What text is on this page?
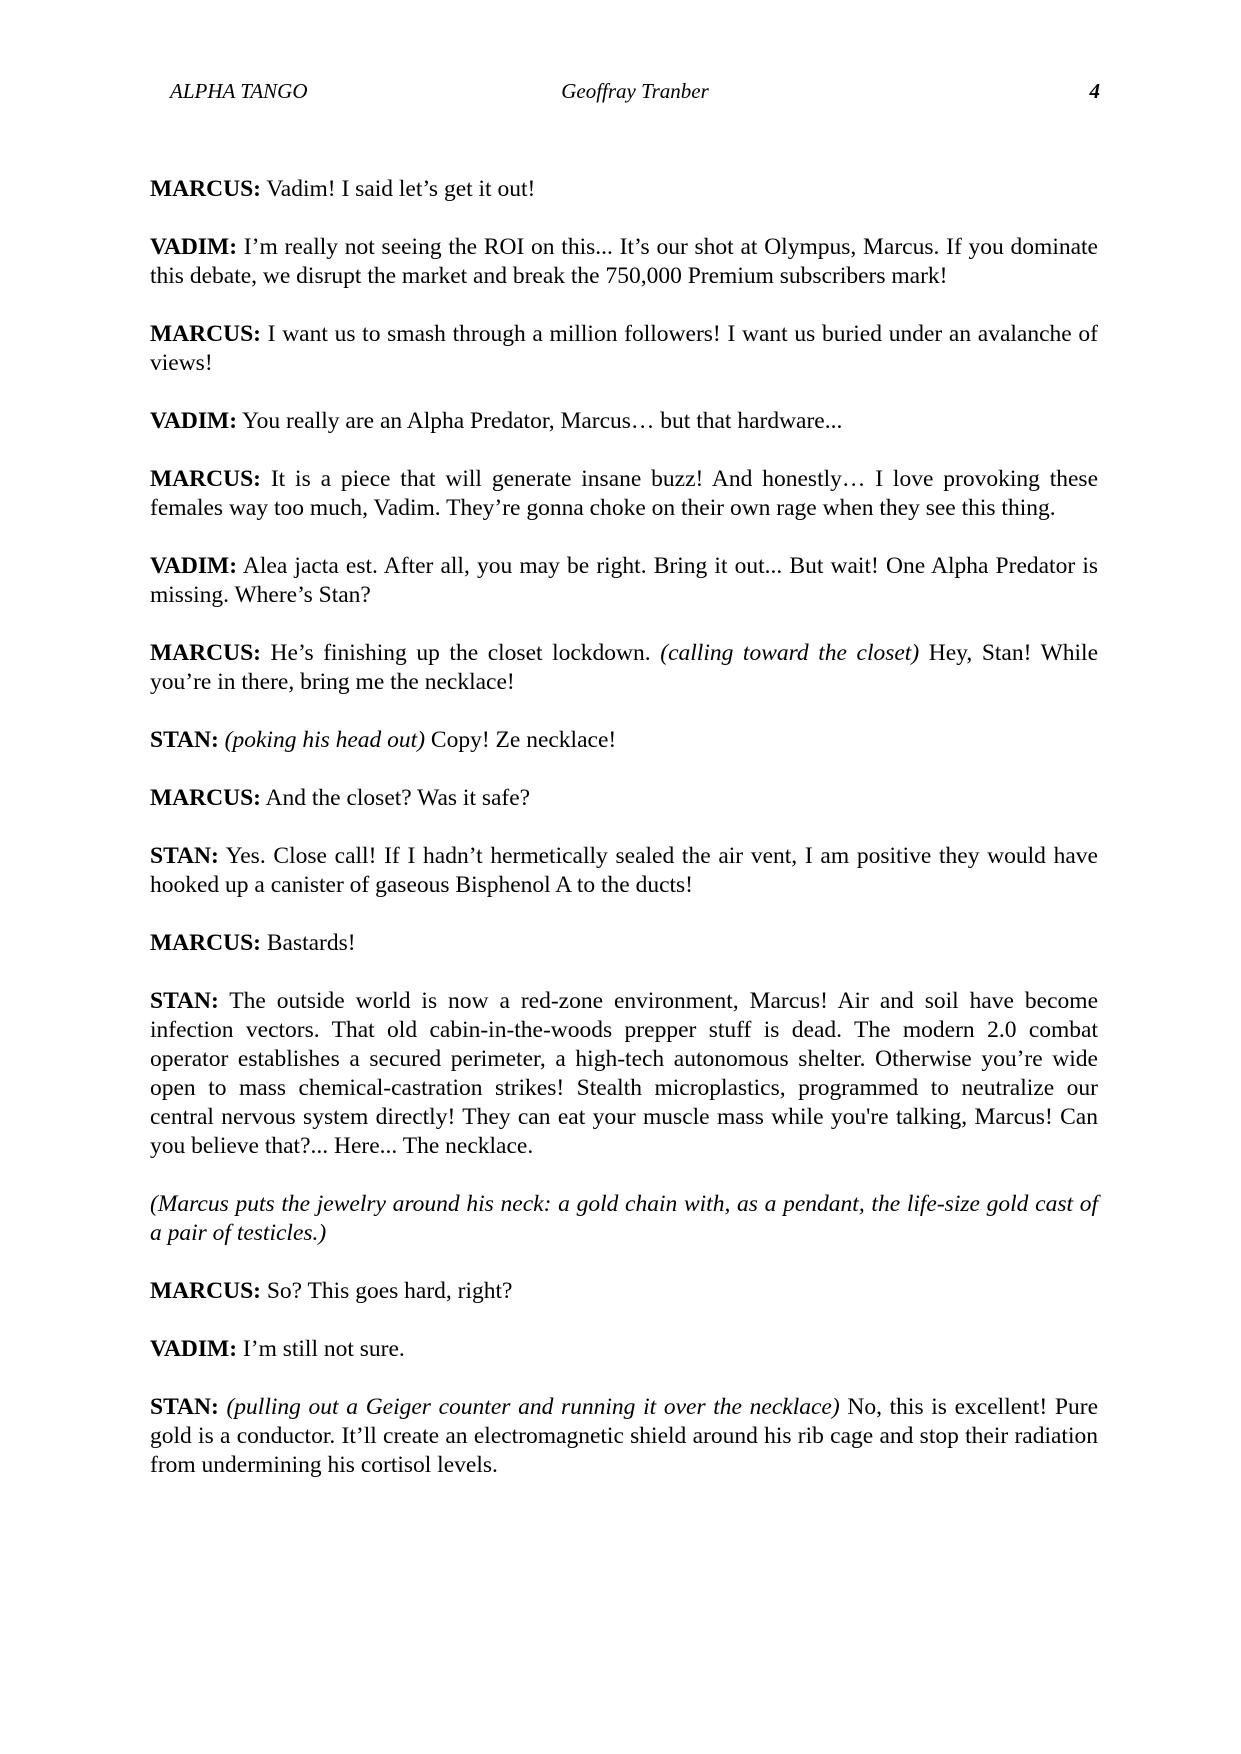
ALPHA TANGO	Geoffray Tranber	4

MARCUS: Vadim! I said let’s get it out!

VADIM: I’m really not seeing the ROI on this... It’s our shot at Olympus, Marcus. If you dominate this debate, we disrupt the market and break the 750,000 Premium subscribers mark!

MARCUS: I want us to smash through a million followers! I want us buried under an avalanche of views!

VADIM: You really are an Alpha Predator, Marcus… but that hardware...

MARCUS: It is a piece that will generate insane buzz! And honestly… I love provoking these females way too much, Vadim. They’re gonna choke on their own rage when they see this thing.

VADIM: Alea jacta est. After all, you may be right. Bring it out... But wait! One Alpha Predator is missing. Where’s Stan?

MARCUS: He’s finishing up the closet lockdown. (calling toward the closet) Hey, Stan! While you’re in there, bring me the necklace!

STAN: (poking his head out) Copy! Ze necklace!

MARCUS: And the closet? Was it safe?

STAN: Yes. Close call! If I hadn’t hermetically sealed the air vent, I am positive they would have hooked up a canister of gaseous Bisphenol A to the ducts!

MARCUS: Bastards!

STAN: The outside world is now a red-zone environment, Marcus! Air and soil have become infection vectors. That old cabin-in-the-woods prepper stuff is dead. The modern 2.0 combat operator establishes a secured perimeter, a high-tech autonomous shelter. Otherwise you’re wide open to mass chemical-castration strikes! Stealth microplastics, programmed to neutralize our central nervous system directly! They can eat your muscle mass while you're talking, Marcus! Can you believe that?... Here... The necklace.

(Marcus puts the jewelry around his neck: a gold chain with, as a pendant, the life-size gold cast of a pair of testicles.)

MARCUS: So? This goes hard, right?

VADIM: I’m still not sure.

STAN: (pulling out a Geiger counter and running it over the necklace) No, this is excellent! Pure gold is a conductor. It’ll create an electromagnetic shield around his rib cage and stop their radiation from undermining his cortisol levels.
